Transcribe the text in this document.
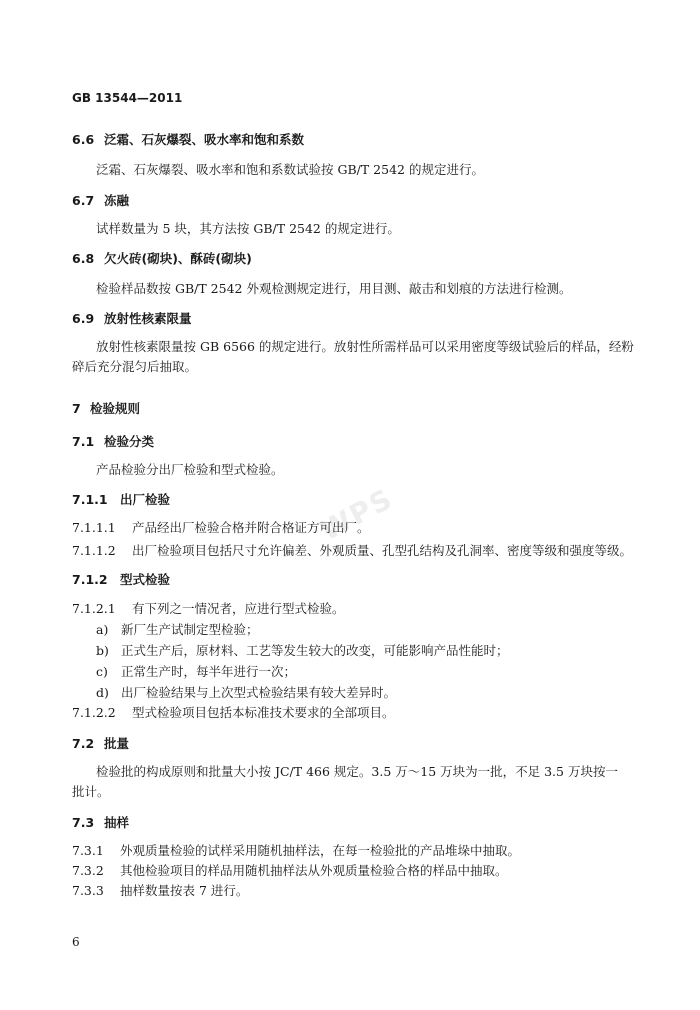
GB 13544—2011
6.6 泛霜、石灰爆裂、吸水率和饱和系数
泛霜、石灰爆裂、吸水率和饱和系数试验按 GB/T 2542 的规定进行。
6.7 冻融
试样数量为 5 块，其方法按 GB/T 2542 的规定进行。
6.8 欠火砖(砌块)、酥砖(砌块)
检验样品数按 GB/T 2542 外观检测规定进行，用目测、敲击和划痕的方法进行检测。
6.9 放射性核素限量
放射性核素限量按 GB 6566 的规定进行。放射性所需样品可以采用密度等级试验后的样品，经粉
碎后充分混匀后抽取。
7 检验规则
7.1 检验分类
产品检验分出厂检验和型式检验。
7.1.1 出厂检验
7.1.1.1 产品经出厂检验合格并附合格证方可出厂。
7.1.1.2 出厂检验项目包括尺寸允许偏差、外观质量、孔型孔结构及孔洞率、密度等级和强度等级。
7.1.2 型式检验
7.1.2.1 有下列之一情况者，应进行型式检验。
a) 新厂生产试制定型检验；
b) 正式生产后，原材料、工艺等发生较大的改变，可能影响产品性能时；
c) 正常生产时，每半年进行一次；
d) 出厂检验结果与上次型式检验结果有较大差异时。
7.1.2.2 型式检验项目包括本标准技术要求的全部项目。
7.2 批量
检验批的构成原则和批量大小按 JC/T 466 规定。3.5 万～15 万块为一批，不足 3.5 万块按一
批计。
7.3 抽样
7.3.1 外观质量检验的试样采用随机抽样法，在每一检验批的产品堆垛中抽取。
7.3.2 其他检验项目的样品用随机抽样法从外观质量检验合格的样品中抽取。
7.3.3 抽样数量按表 7 进行。
6
WPS
